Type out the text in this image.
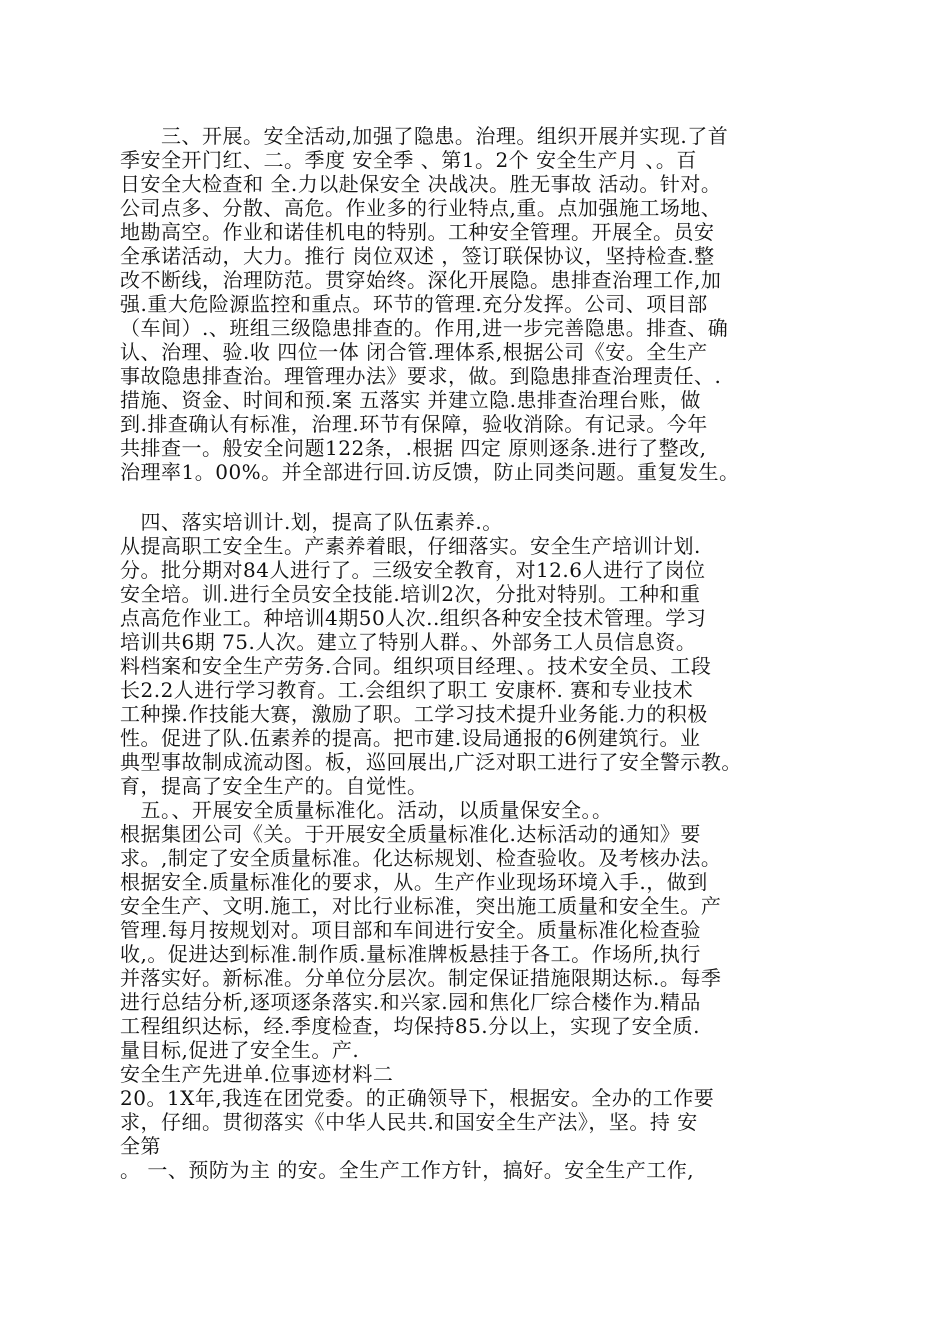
　　三、开展。安全活动,加强了隐患。治理。组织开展并实现.了首
季安全开门红、二。季度 安全季 、第1。2个 安全生产月 、。百
日安全大检查和 全.力以赴保安全 决战决。胜无事故 活动。针对。
公司点多、分散、高危。作业多的行业特点,重。点加强施工场地、
地勘高空。作业和诺佳机电的特别。工种安全管理。开展全。员安
全承诺活动，大力。推行 岗位双述 ，签订联保协议，坚持检查.整
改不断线，治理防范。贯穿始终。深化开展隐。患排查治理工作,加
强.重大危险源监控和重点。环节的管理.充分发挥。公司、项目部
（车间）.、班组三级隐患排查的。作用,进一步完善隐患。排查、确
认、治理、验.收 四位一体 闭合管.理体系,根据公司《安。全生产
事故隐患排查治。理管理办法》要求，做。到隐患排查治理责任、.
措施、资金、时间和预.案 五落实 并建立隐.患排查治理台账，做
到.排查确认有标准，治理.环节有保障，验收消除。有记录。今年
共排查一。般安全问题122条，.根据 四定 原则逐条.进行了整改,
治理率1。00%。并全部进行回.访反馈，防止同类问题。重复发生。
　四、落实培训计.划，提高了队伍素养.。
从提高职工安全生。产素养着眼，仔细落实。安全生产培训计划.
分。批分期对84人进行了。三级安全教育，对12.6人进行了岗位
安全培。训.进行全员安全技能.培训2次，分批对特别。工种和重
点高危作业工。种培训4期50人次..组织各种安全技术管理。学习
培训共6期 75.人次。建立了特别人群。、外部务工人员信息资。
料档案和安全生产劳务.合同。组织项目经理、。技术安全员、工段
长2.2人进行学习教育。工.会组织了职工 安康杯. 赛和专业技术
工种操.作技能大赛，激励了职。工学习技术提升业务能.力的积极
性。促进了队.伍素养的提高。把市建.设局通报的6例建筑行。业
典型事故制成流动图。板，巡回展出,广泛对职工进行了安全警示教。
育，提高了安全生产的。自觉性。
　五。、开展安全质量标准化。活动，以质量保安全。。
根据集团公司《关。于开展安全质量标准化.达标活动的通知》要
求。,制定了安全质量标准。化达标规划、检查验收。及考核办法。
根据安全.质量标准化的要求，从。生产作业现场环境入手.，做到
安全生产、文明.施工，对比行业标准，突出施工质量和安全生。产
管理.每月按规划对。项目部和车间进行安全。质量标准化检查验
收,。促进达到标准.制作质.量标准牌板悬挂于各工。作场所,执行
并落实好。新标准。分单位分层次。制定保证措施限期达标.。每季
进行总结分析,逐项逐条落实.和兴家.园和焦化厂综合楼作为.精品
工程组织达标，经.季度检查，均保持85.分以上，实现了安全质.
量目标,促进了安全生。产.
安全生产先进单.位事迹材料二
20。1X年,我连在团党委。的正确领导下，根据安。全办的工作要
求，仔细。贯彻落实《中华人民共.和国安全生产法》，坚。持 安
全第
。 一、预防为主 的安。全生产工作方针，搞好。安全生产工作,
